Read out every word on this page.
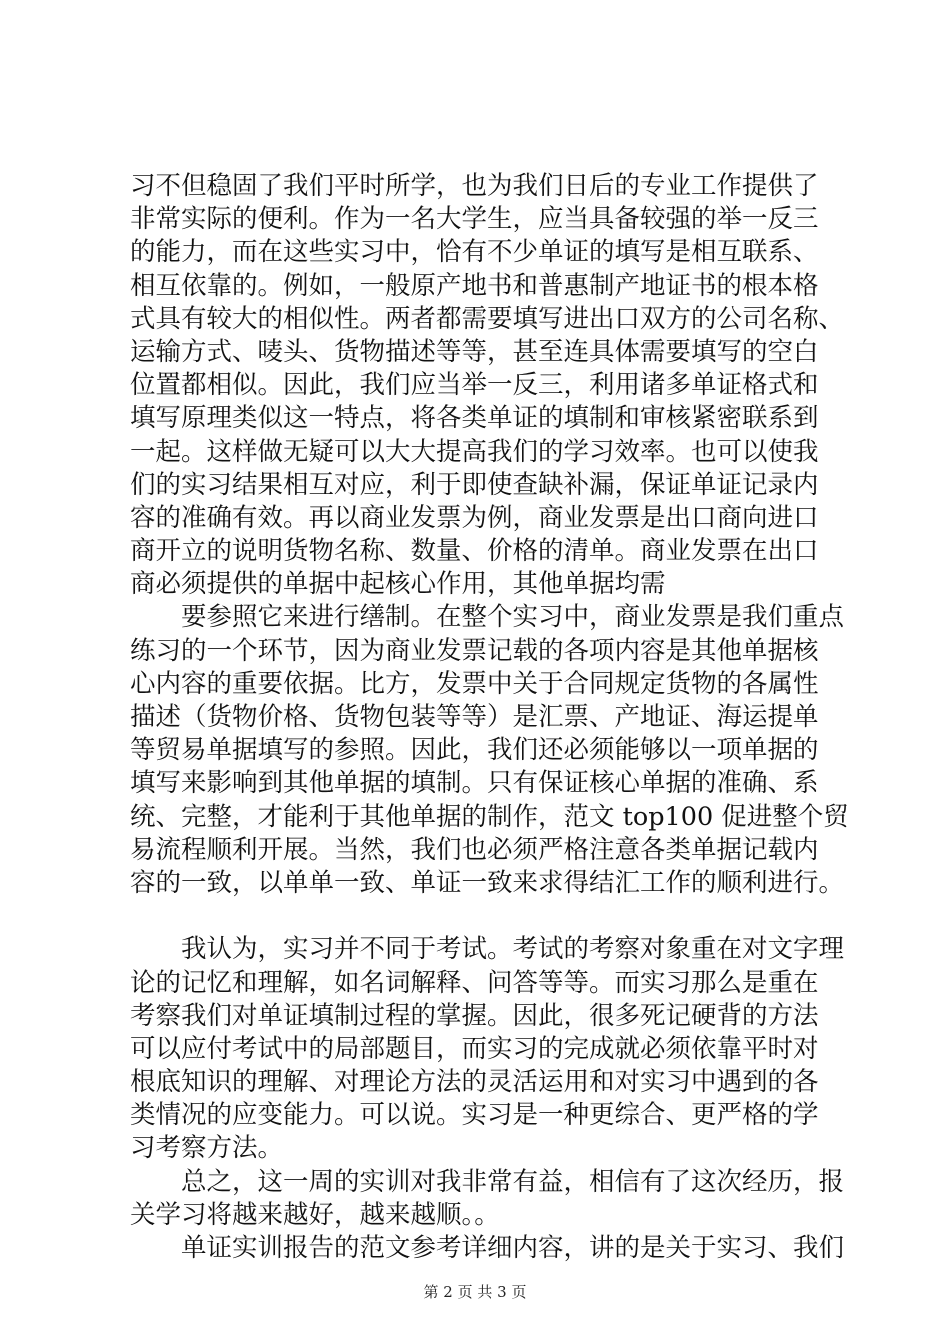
习不但稳固了我们平时所学，也为我们日后的专业工作提供了
非常实际的便利。作为一名大学生，应当具备较强的举一反三
的能力，而在这些实习中，恰有不少单证的填写是相互联系、
相互依靠的。例如，一般原产地书和普惠制产地证书的根本格
式具有较大的相似性。两者都需要填写进出口双方的公司名称、
运输方式、唛头、货物描述等等，甚至连具体需要填写的空白
位置都相似。因此，我们应当举一反三，利用诸多单证格式和
填写原理类似这一特点，将各类单证的填制和审核紧密联系到
一起。这样做无疑可以大大提高我们的学习效率。也可以使我
们的实习结果相互对应，利于即使查缺补漏，保证单证记录内
容的准确有效。再以商业发票为例，商业发票是出口商向进口
商开立的说明货物名称、数量、价格的清单。商业发票在出口
商必须提供的单据中起核心作用，其他单据均需
　　要参照它来进行缮制。在整个实习中，商业发票是我们重点
练习的一个环节，因为商业发票记载的各项内容是其他单据核
心内容的重要依据。比方，发票中关于合同规定货物的各属性
描述（货物价格、货物包装等等）是汇票、产地证、海运提单
等贸易单据填写的参照。因此，我们还必须能够以一项单据的
填写来影响到其他单据的填制。只有保证核心单据的准确、系
统、完整，才能利于其他单据的制作，范文 top100 促进整个贸
易流程顺利开展。当然，我们也必须严格注意各类单据记载内
容的一致，以单单一致、单证一致来求得结汇工作的顺利进行。
　　我认为，实习并不同于考试。考试的考察对象重在对文字理
论的记忆和理解，如名词解释、问答等等。而实习那么是重在
考察我们对单证填制过程的掌握。因此，很多死记硬背的方法
可以应付考试中的局部题目，而实习的完成就必须依靠平时对
根底知识的理解、对理论方法的灵活运用和对实习中遇到的各
类情况的应变能力。可以说。实习是一种更综合、更严格的学
习考察方法。
　　总之，这一周的实训对我非常有益，相信有了这次经历，报
关学习将越来越好，越来越顺。。
　　单证实训报告的范文参考详细内容，讲的是关于实习、我们
第 2 页 共 3 页
